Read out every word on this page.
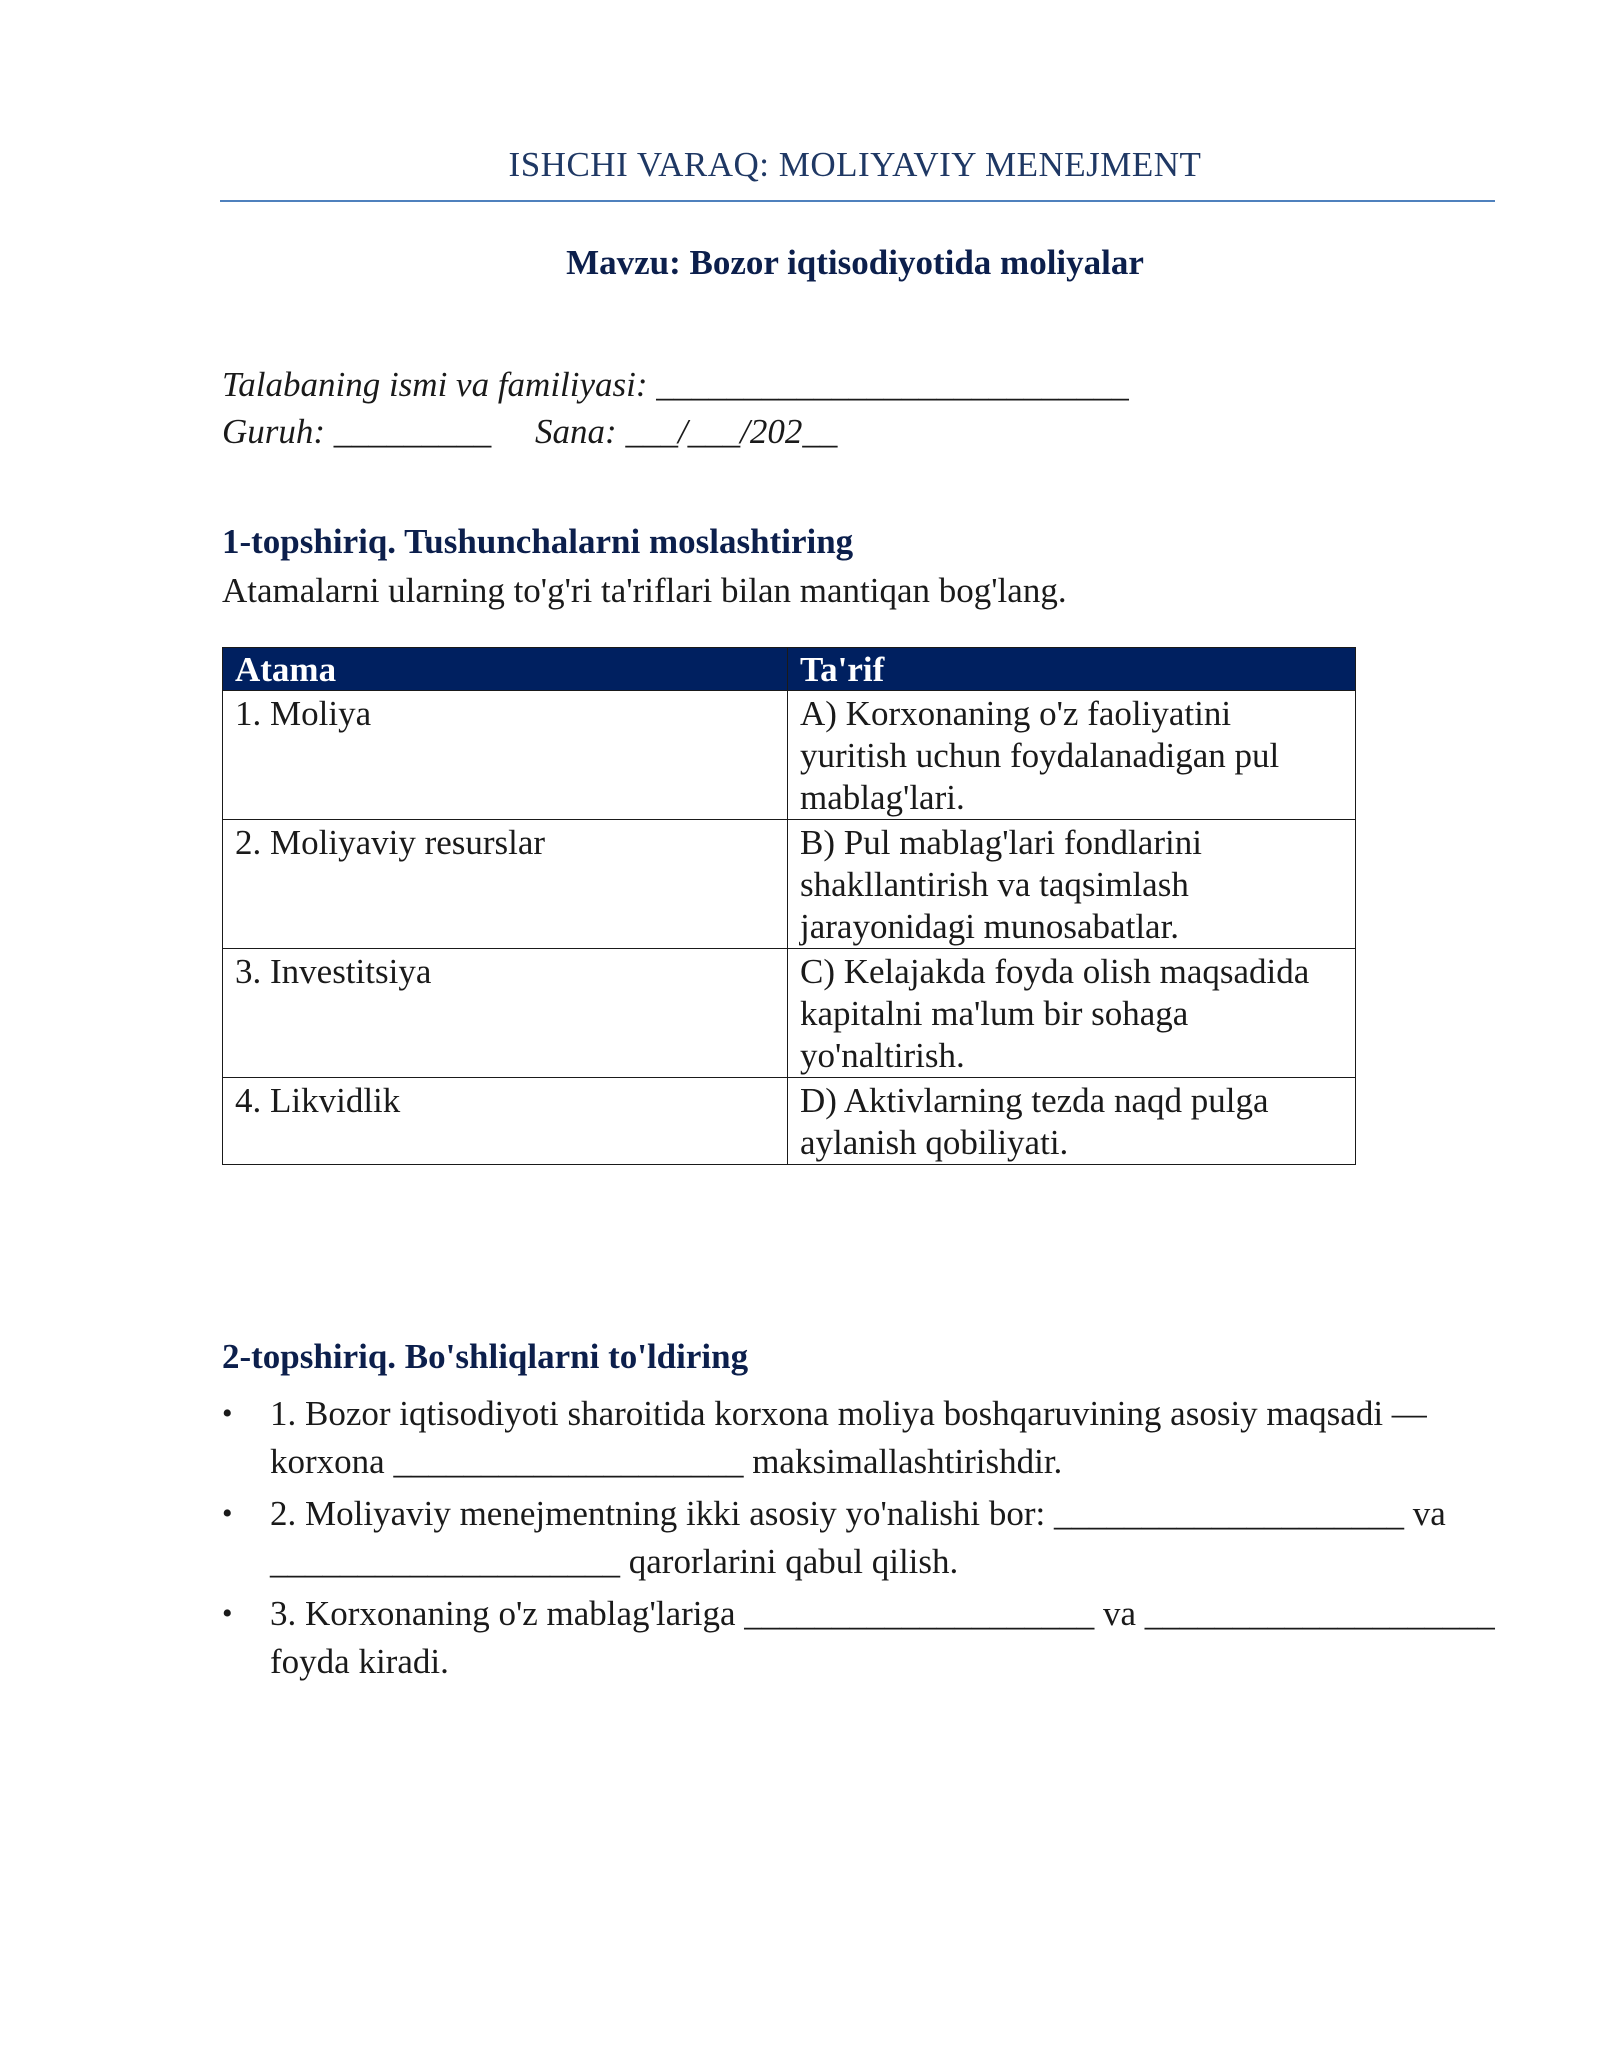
ISHCHI VARAQ: MOLIYAVIY MENEJMENT
Mavzu: Bozor iqtisodiyotida moliyalar
Talabaning ismi va familiyasi: ___________________________
Guruh: _________     Sana: ___/___/202__
1-topshiriq. Tushunchalarni moslashtiring
Atamalarni ularning to'g'ri ta'riflari bilan mantiqan bog'lang.
Atama	Ta'rif
1. Moliya	A) Korxonaning o'z faoliyatini yuritish uchun foydalanadigan pul mablag'lari.
2. Moliyaviy resurslar	B) Pul mablag'lari fondlarini shakllantirish va taqsimlash jarayonidagi munosabatlar.
3. Investitsiya	C) Kelajakda foyda olish maqsadida kapitalni ma'lum bir sohaga yo'naltirish.
4. Likvidlik	D) Aktivlarning tezda naqd pulga aylanish qobiliyati.
2-topshiriq. Bo'shliqlarni to'ldiring
• 1. Bozor iqtisodiyoti sharoitida korxona moliya boshqaruvining asosiy maqsadi — korxona ____________________ maksimallashtirishdir.
• 2. Moliyaviy menejmentning ikki asosiy yo'nalishi bor: ____________________ va ____________________ qarorlarini qabul qilish.
• 3. Korxonaning o'z mablag'lariga ____________________ va ____________________ foyda kiradi.
